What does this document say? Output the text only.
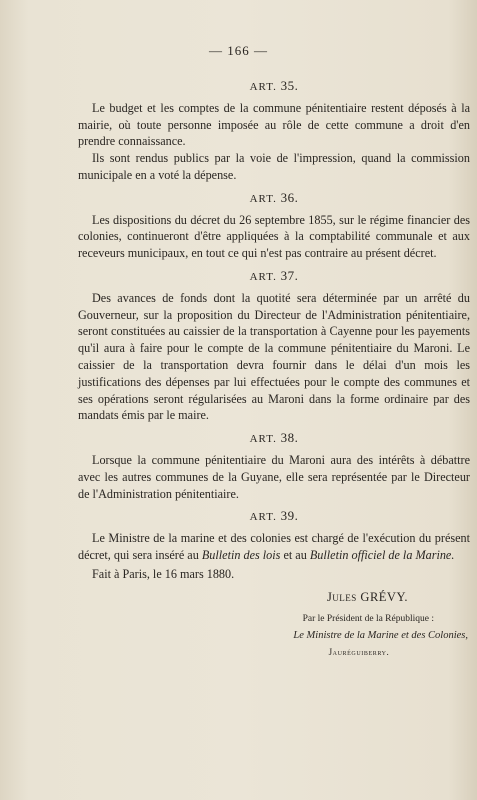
— 166 —
ART. 35.

Le budget et les comptes de la commune pénitentiaire restent déposés à la mairie, où toute personne imposée au rôle de cette commune a droit d'en prendre connaissance.

Ils sont rendus publics par la voie de l'impression, quand la commission municipale en a voté la dépense.

ART. 36.

Les dispositions du décret du 26 septembre 1855, sur le régime financier des colonies, continueront d'être appliquées à la comptabilité communale et aux receveurs municipaux, en tout ce qui n'est pas contraire au présent décret.

ART. 37.

Des avances de fonds dont la quotité sera déterminée par un arrêté du Gouverneur, sur la proposition du Directeur de l'Administration pénitentiaire, seront constituées au caissier de la transportation à Cayenne pour les payements qu'il aura à faire pour le compte de la commune pénitentiaire du Maroni. Le caissier de la transportation devra fournir dans le délai d'un mois les justifications des dépenses par lui effectuées pour le compte des communes et ses opérations seront régularisées au Maroni dans la forme ordinaire par des mandats émis par le maire.

ART. 38.

Lorsque la commune pénitentiaire du Maroni aura des intérêts à débattre avec les autres communes de la Guyane, elle sera représentée par le Directeur de l'Administration pénitentiaire.

ART. 39.

Le Ministre de la marine et des colonies est chargé de l'exécution du présent décret, qui sera inséré au Bulletin des lois et au Bulletin officiel de la Marine.

Fait à Paris, le 16 mars 1880.

Jules GRÉVY.
Par le Président de la République :
Le Ministre de la Marine et des Colonies,
Jauréguiberry.
